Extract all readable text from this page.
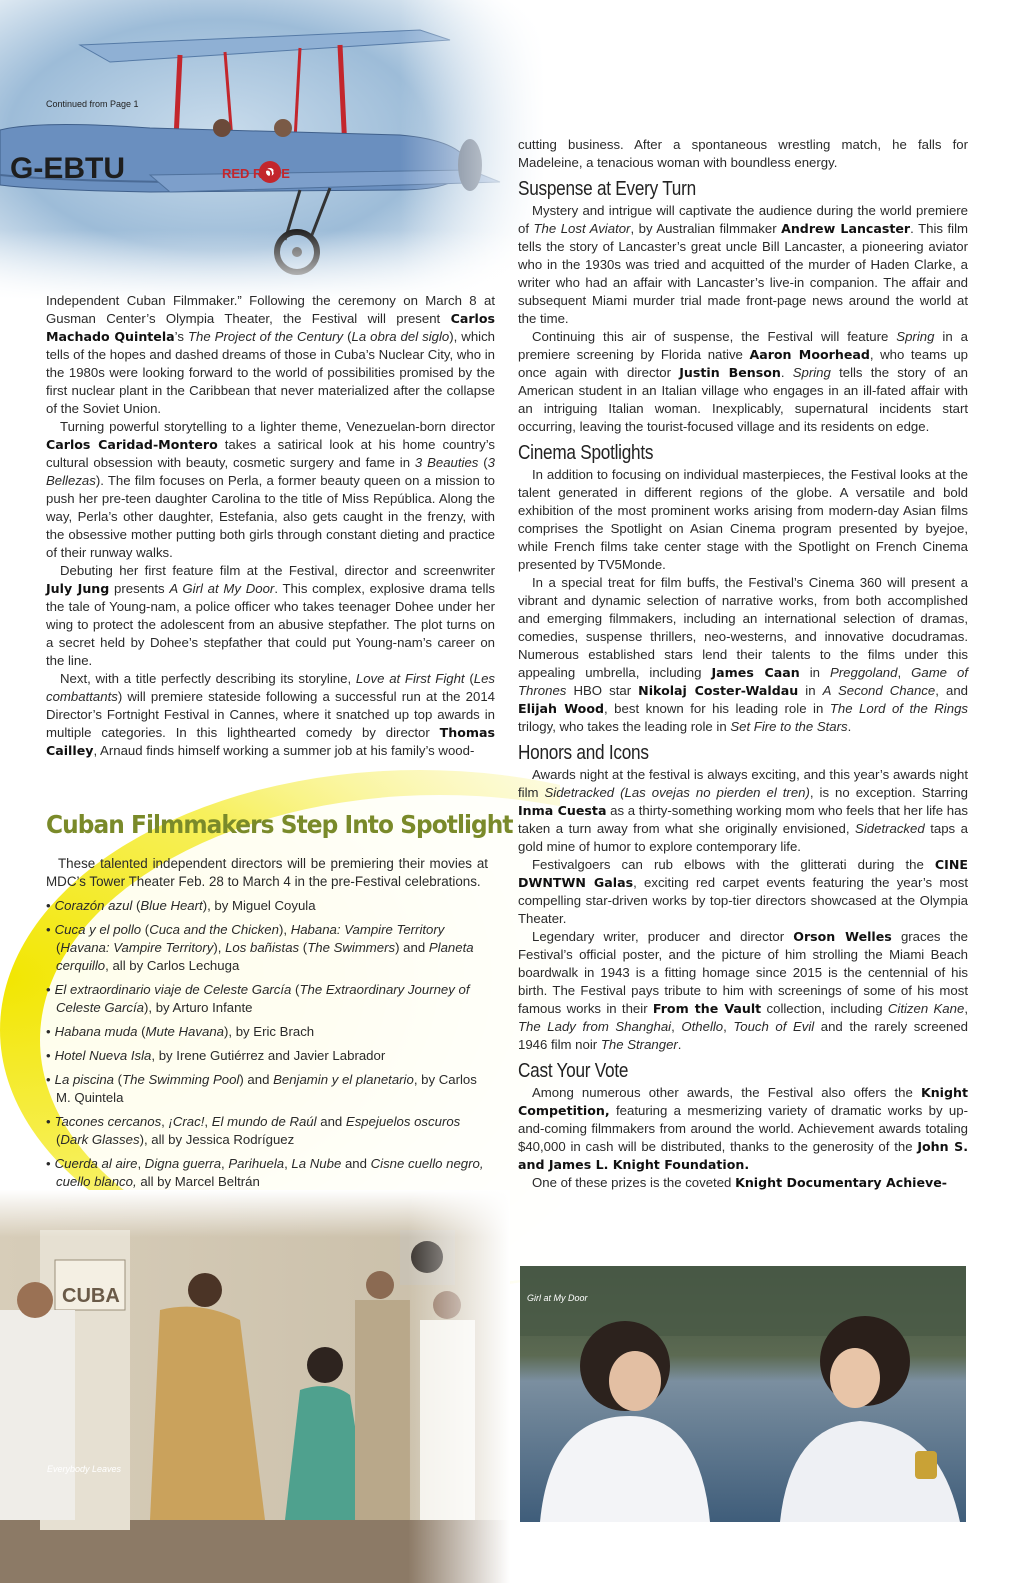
G-EBTU	RED ROSE
Continued from Page 1

Independent Cuban Filmmaker.” Following the ceremony on March 8 at Gusman Center’s Olympia Theater, the Festival will present Carlos Machado Quintela’s The Project of the Century (La obra del siglo), which tells of the hopes and dashed dreams of those in Cuba’s Nuclear City, who in the 1980s were looking forward to the world of possibilities promised by the first nuclear plant in the Caribbean that never materialized after the collapse of the Soviet Union.

Turning powerful storytelling to a lighter theme, Venezuelan-born director Carlos Caridad-Montero takes a satirical look at his home country’s cultural obsession with beauty, cosmetic surgery and fame in 3 Beauties (3 Bellezas). The film focuses on Perla, a former beauty queen on a mission to push her pre-teen daughter Carolina to the title of Miss República. Along the way, Perla’s other daughter, Estefania, also gets caught in the frenzy, with the obsessive mother putting both girls through constant dieting and practice of their runway walks.

Debuting her first feature film at the Festival, director and screenwriter July Jung presents A Girl at My Door. This complex, explosive drama tells the tale of Young-nam, a police officer who takes teenager Dohee under her wing to protect the adolescent from an abusive stepfather. The plot turns on a secret held by Dohee’s stepfather that could put Young-nam’s career on the line.

Next, with a title perfectly describing its storyline, Love at First Fight (Les combattants) will premiere stateside following a successful run at the 2014 Director’s Fortnight Festival in Cannes, where it snatched up top awards in multiple categories. In this lighthearted comedy by director Thomas Cailley, Arnaud finds himself working a summer job at his family’s wood-

Cuban Filmmakers Step Into Spotlight

These talented independent directors will be premiering their movies at MDC’s Tower Theater Feb. 28 to March 4 in the pre-Festival celebrations.

• Corazón azul (Blue Heart), by Miguel Coyula
• Cuca y el pollo (Cuca and the Chicken), Habana: Vampire Territory (Havana: Vampire Territory), Los bañistas (The Swimmers) and Planeta cerquillo, all by Carlos Lechuga
• El extraordinario viaje de Celeste García (The Extraordinary Journey of Celeste García), by Arturo Infante
• Habana muda (Mute Havana), by Eric Brach
• Hotel Nueva Isla, by Irene Gutiérrez and Javier Labrador
• La piscina (The Swimming Pool) and Benjamin y el planetario, by Carlos M. Quintela
• Tacones cercanos, ¡Crac!, El mundo de Raúl and Espejuelos oscuros (Dark Glasses), all by Jessica Rodríguez
• Cuerda al aire, Digna guerra, Parihuela, La Nube and Cisne cuello negro, cuello blanco, all by Marcel Beltrán
Everybody Leaves

cutting business. After a spontaneous wrestling match, he falls for Madeleine, a tenacious woman with boundless energy.

Suspense at Every Turn

Mystery and intrigue will captivate the audience during the world premiere of The Lost Aviator, by Australian filmmaker Andrew Lancaster. This film tells the story of Lancaster’s great uncle Bill Lancaster, a pioneering aviator who in the 1930s was tried and acquitted of the murder of Haden Clarke, a writer who had an affair with Lancaster’s live-in companion. The affair and subsequent Miami murder trial made front-page news around the world at the time.

Continuing this air of suspense, the Festival will feature Spring in a premiere screening by Florida native Aaron Moorhead, who teams up once again with director Justin Benson. Spring tells the story of an American student in an Italian village who engages in an ill-fated affair with an intriguing Italian woman. Inexplicably, supernatural incidents start occurring, leaving the tourist-focused village and its residents on edge.

Cinema Spotlights

In addition to focusing on individual masterpieces, the Festival looks at the talent generated in different regions of the globe. A versatile and bold exhibition of the most prominent works arising from modern-day Asian films comprises the Spotlight on Asian Cinema program presented by byejoe, while French films take center stage with the Spotlight on French Cinema presented by TV5Monde.

In a special treat for film buffs, the Festival’s Cinema 360 will present a vibrant and dynamic selection of narrative works, from both accomplished and emerging filmmakers, including an international selection of dramas, comedies, suspense thrillers, neo-westerns, and innovative docudramas. Numerous established stars lend their talents to the films under this appealing umbrella, including James Caan in Preggoland, Game of Thrones HBO star Nikolaj Coster-Waldau in A Second Chance, and Elijah Wood, best known for his leading role in The Lord of the Rings trilogy, who takes the leading role in Set Fire to the Stars.

Honors and Icons

Awards night at the festival is always exciting, and this year’s awards night film Sidetracked (Las ovejas no pierden el tren), is no exception. Starring Inma Cuesta as a thirty-something working mom who feels that her life has taken a turn away from what she originally envisioned, Sidetracked taps a gold mine of humor to explore contemporary life.

Festivalgoers can rub elbows with the glitterati during the CINE DWNTWN Galas, exciting red carpet events featuring the year’s most compelling star-driven works by top-tier directors showcased at the Olympia Theater.

Legendary writer, producer and director Orson Welles graces the Festival’s official poster, and the picture of him strolling the Miami Beach boardwalk in 1943 is a fitting homage since 2015 is the centennial of his birth. The Festival pays tribute to him with screenings of some of his most famous works in their From the Vault collection, including Citizen Kane, The Lady from Shanghai, Othello, Touch of Evil and the rarely screened 1946 film noir The Stranger.

Cast Your Vote

Among numerous other awards, the Festival also offers the Knight Competition, featuring a mesmerizing variety of dramatic works by up-and-coming filmmakers from around the world. Achievement awards totaling $40,000 in cash will be distributed, thanks to the generosity of the John S. and James L. Knight Foundation.

One of these prizes is the coveted Knight Documentary Achieve-

Girl at My Door
